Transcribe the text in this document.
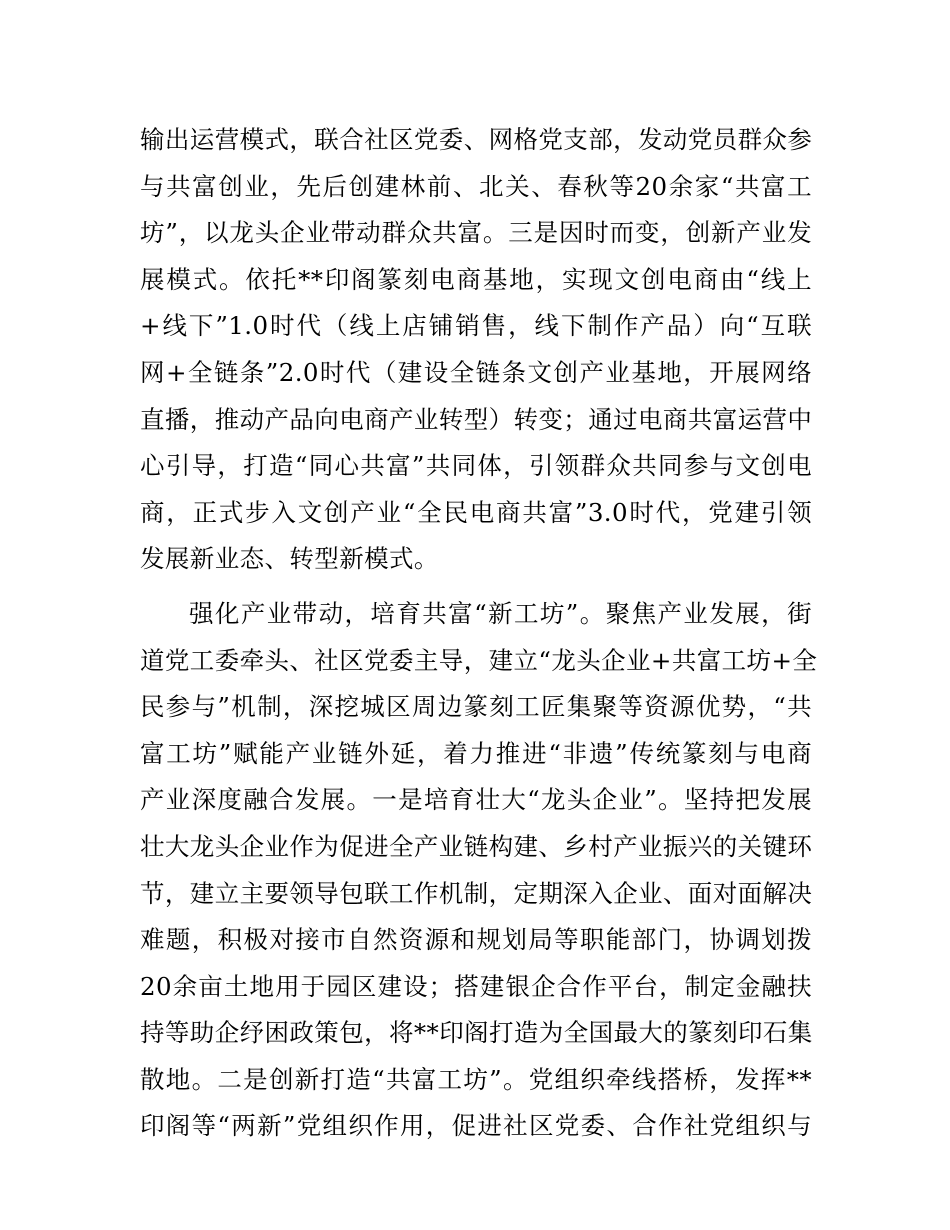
输出运营模式，联合社区党委、网格党支部，发动党员群众参
与共富创业，先后创建林前、北关、春秋等20余家“共富工
坊”，以龙头企业带动群众共富。三是因时而变，创新产业发
展模式。依托**印阁篆刻电商基地，实现文创电商由“线上
+线下”1.0时代（线上店铺销售，线下制作产品）向“互联
网+全链条”2.0时代（建设全链条文创产业基地，开展网络
直播，推动产品向电商产业转型）转变；通过电商共富运营中
心引导，打造“同心共富”共同体，引领群众共同参与文创电
商，正式步入文创产业“全民电商共富”3.0时代，党建引领
发展新业态、转型新模式。
强化产业带动，培育共富“新工坊”。聚焦产业发展，街
道党工委牵头、社区党委主导，建立“龙头企业+共富工坊+全
民参与”机制，深挖城区周边篆刻工匠集聚等资源优势，“共
富工坊”赋能产业链外延，着力推进“非遗”传统篆刻与电商
产业深度融合发展。一是培育壮大“龙头企业”。坚持把发展
壮大龙头企业作为促进全产业链构建、乡村产业振兴的关键环
节，建立主要领导包联工作机制，定期深入企业、面对面解决
难题，积极对接市自然资源和规划局等职能部门，协调划拨
20余亩土地用于园区建设；搭建银企合作平台，制定金融扶
持等助企纾困政策包，将**印阁打造为全国最大的篆刻印石集
散地。二是创新打造“共富工坊”。党组织牵线搭桥，发挥**
印阁等“两新”党组织作用，促进社区党委、合作社党组织与
